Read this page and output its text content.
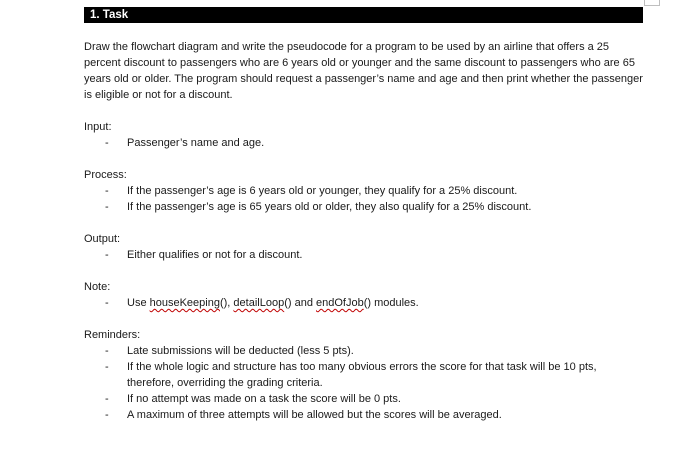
1. Task

Draw the flowchart diagram and write the pseudocode for a program to be used by an airline that offers a 25 percent discount to passengers who are 6 years old or younger and the same discount to passengers who are 65 years old or older. The program should request a passenger’s name and age and then print whether the passenger is eligible or not for a discount.

Input:

- Passenger’s name and age.

Process:

- If the passenger’s age is 6 years old or younger, they qualify for a 25% discount.
- If the passenger’s age is 65 years old or older, they also qualify for a 25% discount.

Output:

- Either qualifies or not for a discount.

Note:

- Use houseKeeping(), detailLoop() and endOfJob() modules.

Reminders:

- Late submissions will be deducted (less 5 pts).
- If the whole logic and structure has too many obvious errors the score for that task will be 10 pts, therefore, overriding the grading criteria.
- If no attempt was made on a task the score will be 0 pts.
- A maximum of three attempts will be allowed but the scores will be averaged.
